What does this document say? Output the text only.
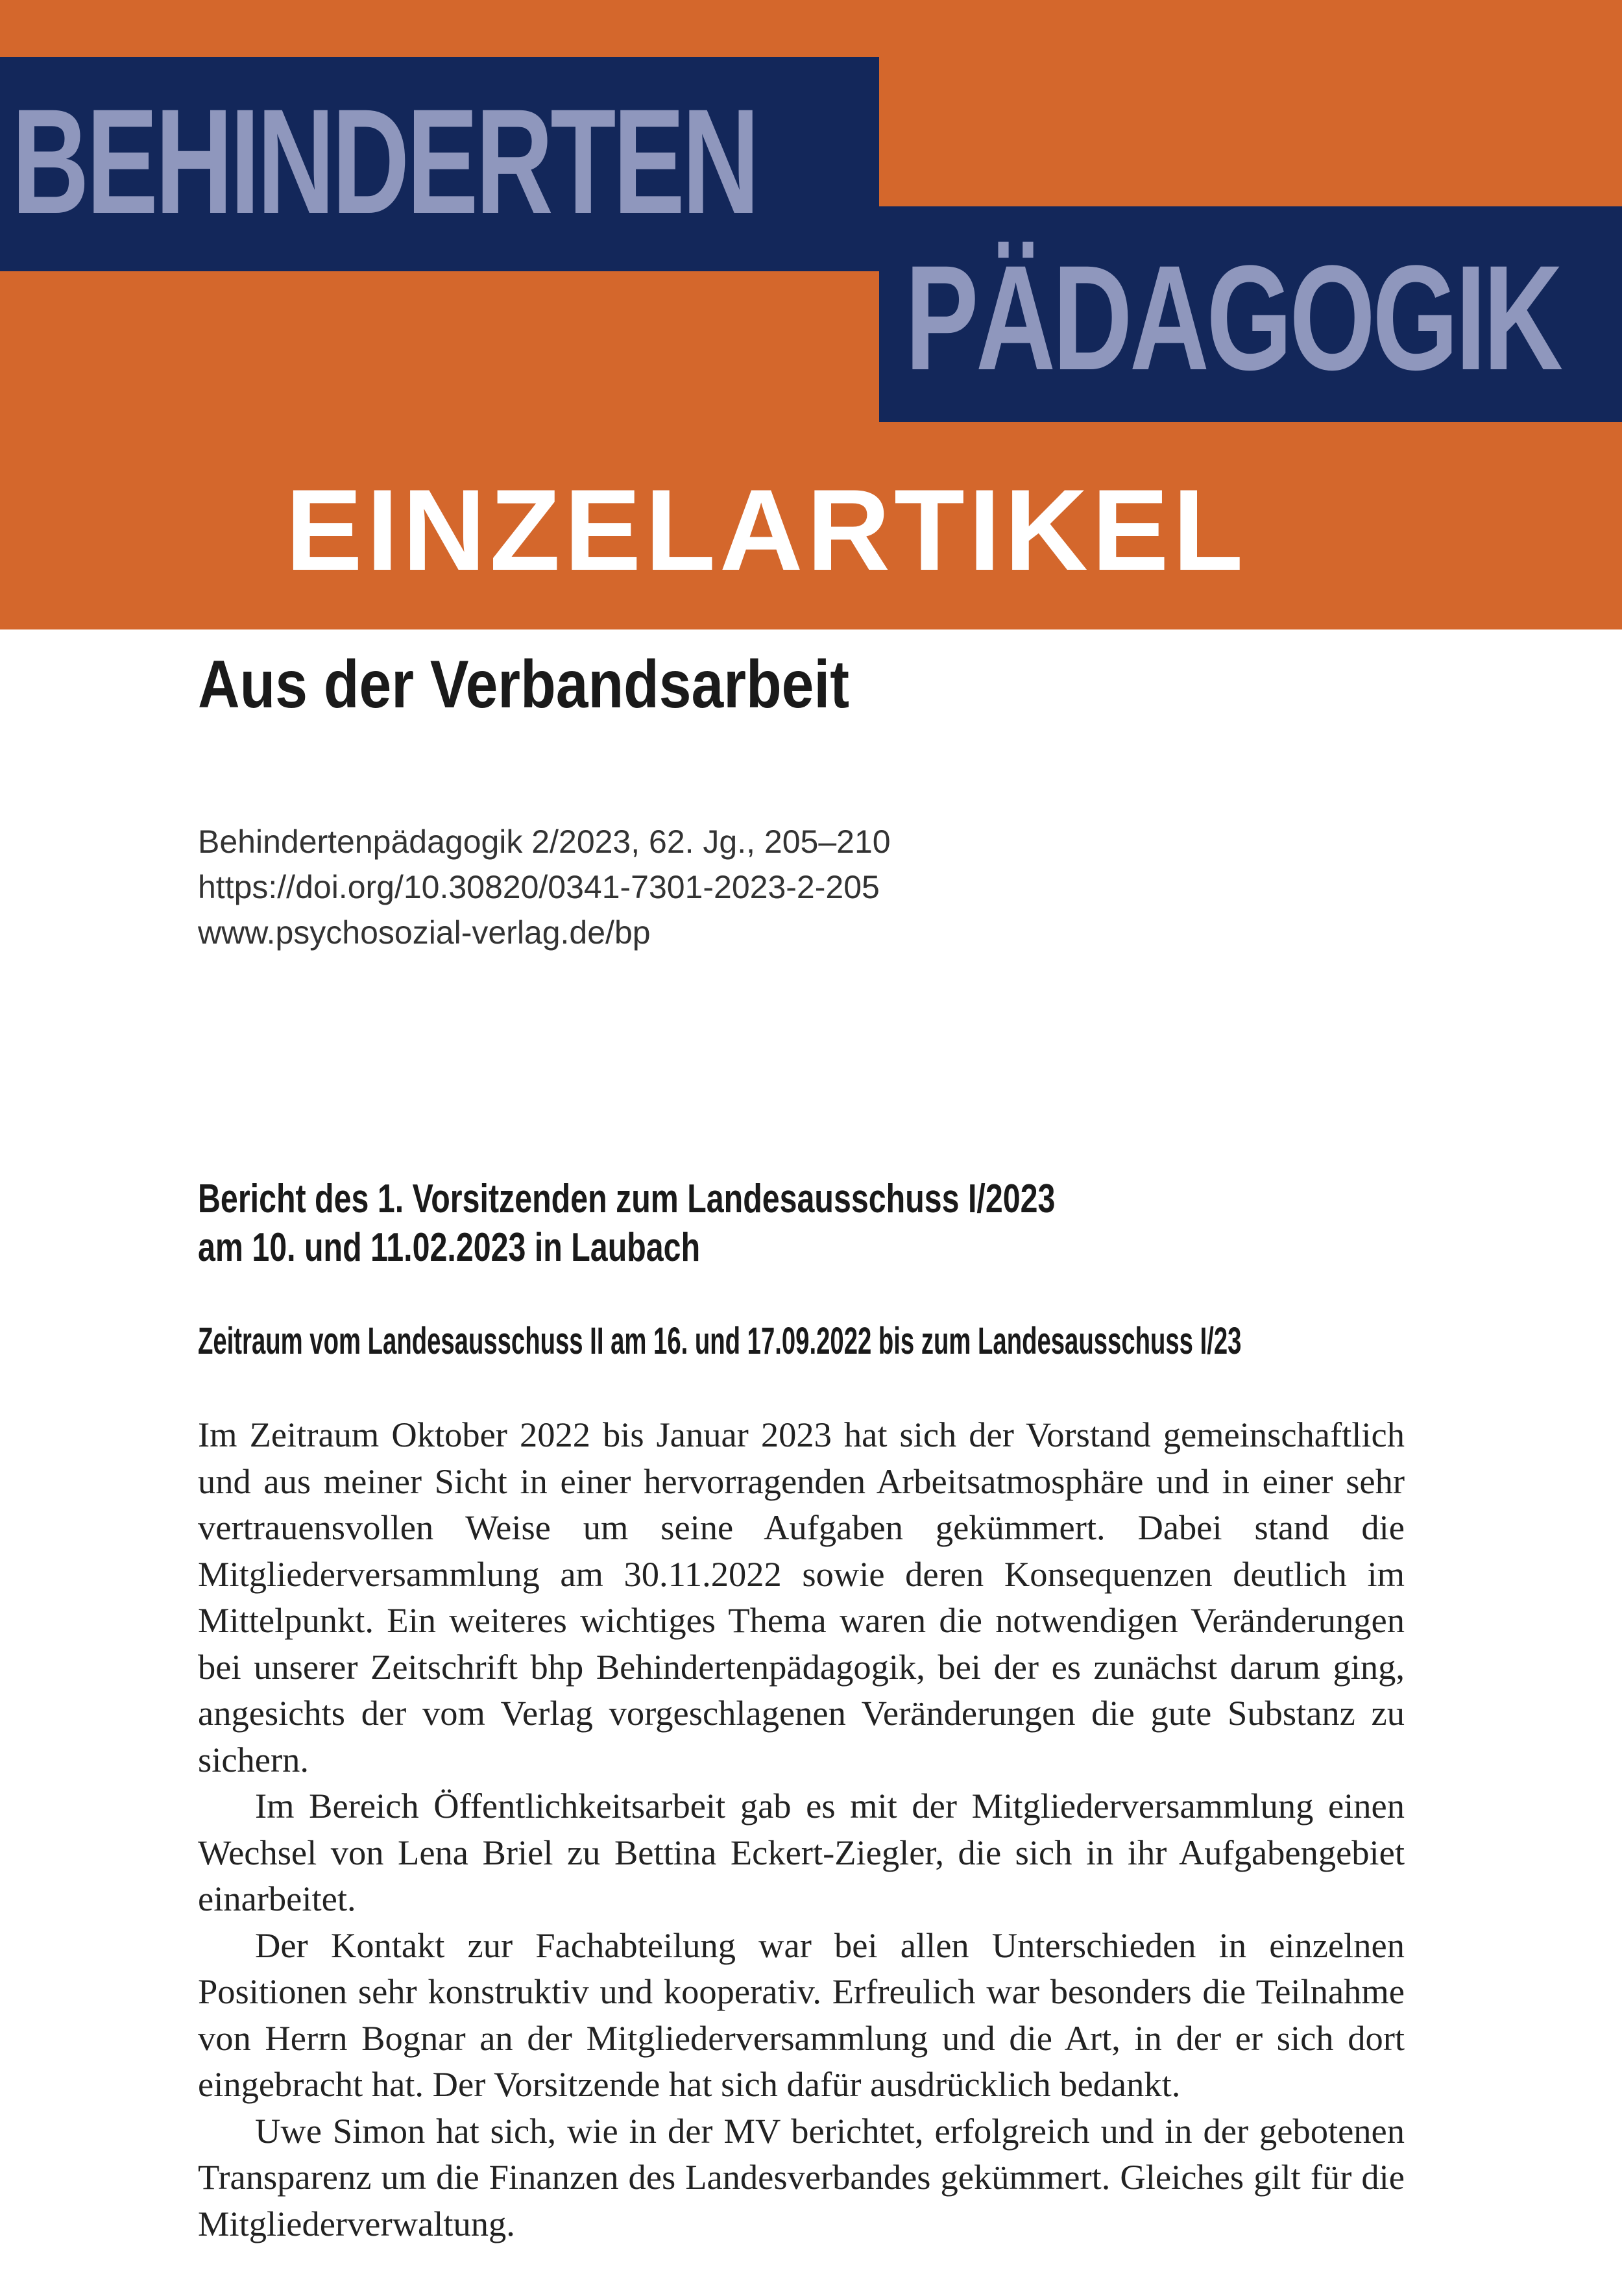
BEHINDERTEN
PÄDAGOGIK
EINZELARTIKEL
Aus der Verbandsarbeit
Behindertenpädagogik 2/2023, 62. Jg., 205–210
https://doi.org/10.30820/0341-7301-2023-2-205
www.psychosozial-verlag.de/bp
Bericht des 1. Vorsitzenden zum Landesausschuss I/2023
am 10. und 11.02.2023 in Laubach
Zeitraum vom Landesausschuss II am 16. und 17.09.2022 bis zum Landesausschuss I/23

Im Zeitraum Oktober 2022 bis Januar 2023 hat sich der Vorstand gemeinschaftlich und aus meiner Sicht in einer hervorragenden Arbeitsatmosphäre und in einer sehr vertrauensvollen Weise um seine Aufgaben gekümmert. Dabei stand die Mitgliederversammlung am 30.11.2022 sowie deren Konsequenzen deutlich im Mittelpunkt. Ein weiteres wichtiges Thema waren die notwendigen Veränderungen bei unserer Zeitschrift bhp Behindertenpädagogik, bei der es zunächst darum ging, angesichts der vom Verlag vorgeschlagenen Veränderungen die gute Substanz zu sichern.

Im Bereich Öffentlichkeitsarbeit gab es mit der Mitgliederversammlung einen Wechsel von Lena Briel zu Bettina Eckert-Ziegler, die sich in ihr Aufgabengebiet einarbeitet.

Der Kontakt zur Fachabteilung war bei allen Unterschieden in einzelnen Positionen sehr konstruktiv und kooperativ. Erfreulich war besonders die Teilnahme von Herrn Bognar an der Mitgliederversammlung und die Art, in der er sich dort eingebracht hat. Der Vorsitzende hat sich dafür ausdrücklich bedankt.

Uwe Simon hat sich, wie in der MV berichtet, erfolgreich und in der gebotenen Transparenz um die Finanzen des Landesverbandes gekümmert. Gleiches gilt für die Mitgliederverwaltung.
